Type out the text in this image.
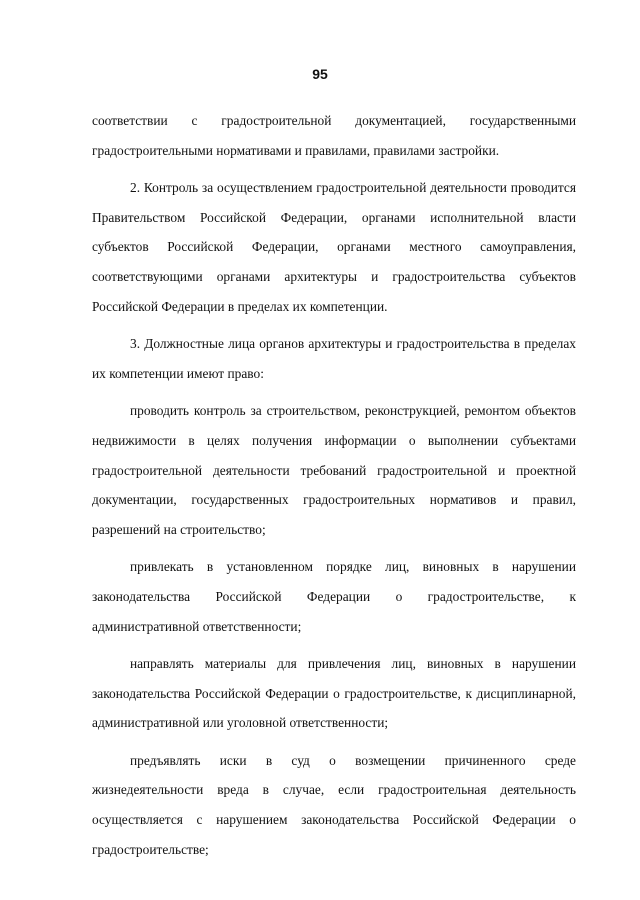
95

соответствии с градостроительной документацией, государственными градостроительными нормативами и правилами, правилами застройки.

2. Контроль за осуществлением градостроительной деятельности проводится Правительством Российской Федерации, органами исполнительной власти субъектов Российской Федерации, органами местного самоуправления, соответствующими органами архитектуры и градостроительства субъектов Российской Федерации в пределах их компетенции.

3. Должностные лица органов архитектуры и градостроительства в пределах их компетенции имеют право:

проводить контроль за строительством, реконструкцией, ремонтом объектов недвижимости в целях получения информации о выполнении субъектами градостроительной деятельности требований градостроительной и проектной документации, государственных градостроительных нормативов и правил, разрешений на строительство;

привлекать в установленном порядке лиц, виновных в нарушении законодательства Российской Федерации о градостроительстве, к административной ответственности;

направлять материалы для привлечения лиц, виновных в нарушении законодательства Российской Федерации о градостроительстве, к дисциплинарной, административной или уголовной ответственности;

предъявлять иски в суд о возмещении причиненного среде жизнедеятельности вреда в случае, если градостроительная деятельность осуществляется с нарушением законодательства Российской Федерации о градостроительстве;
